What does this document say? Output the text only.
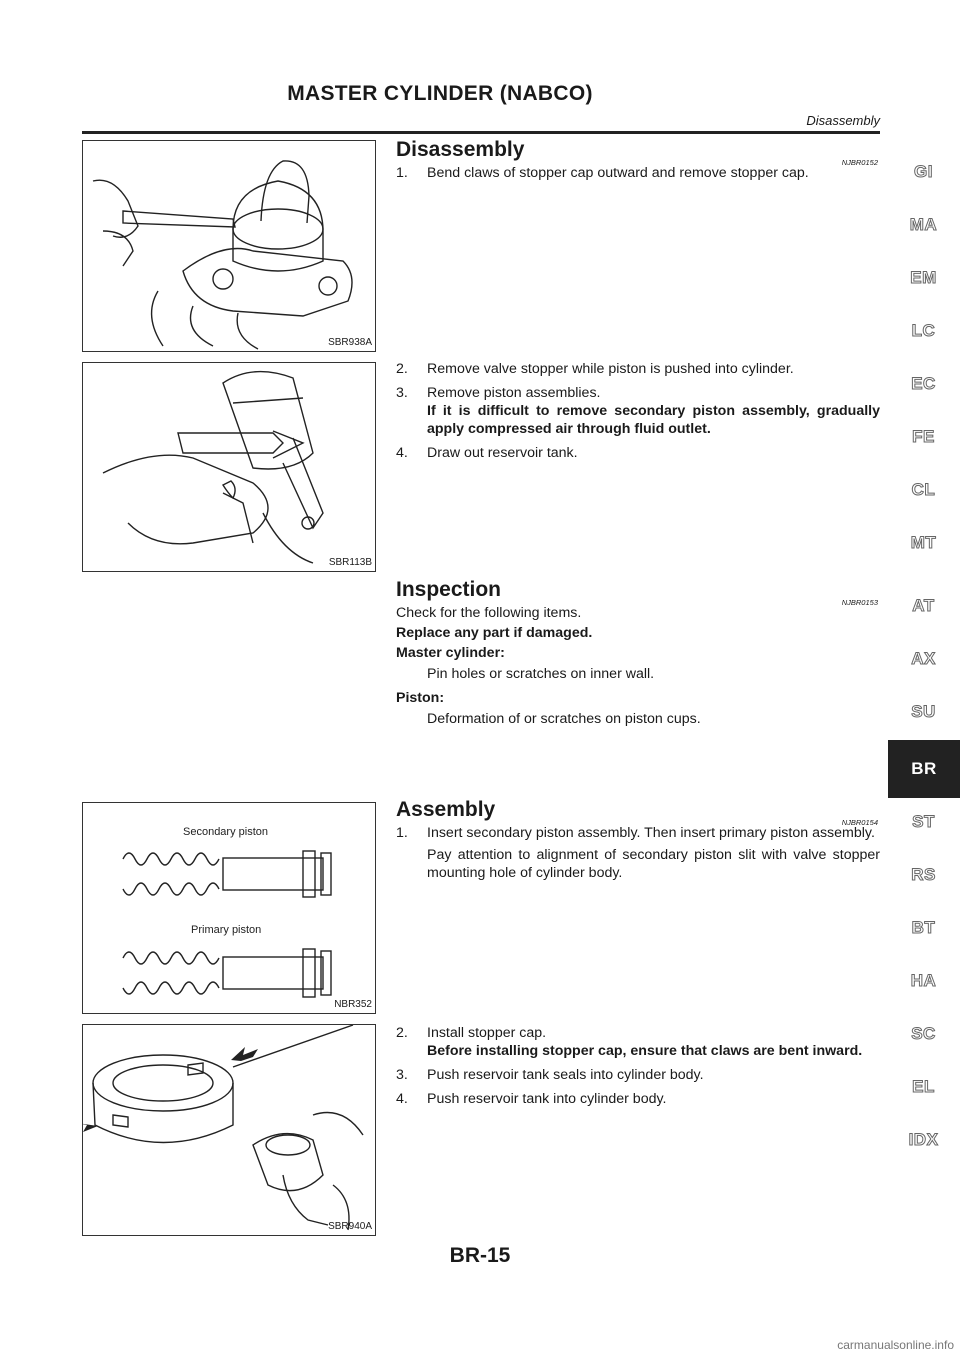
MASTER CYLINDER (NABCO)
Disassembly
SBR938A
SBR113B
Secondary piston
Primary piston
NBR352
SBR940A
Disassembly
NJBR0152
1. Bend claws of stopper cap outward and remove stopper cap.
2. Remove valve stopper while piston is pushed into cylinder.
3. Remove piston assemblies.
If it is difficult to remove secondary piston assembly, gradually apply compressed air through fluid outlet.
4. Draw out reservoir tank.
Inspection
NJBR0153
Check for the following items.
Replace any part if damaged.
Master cylinder:
Pin holes or scratches on inner wall.
Piston:
Deformation of or scratches on piston cups.
Assembly
NJBR0154
1. Insert secondary piston assembly. Then insert primary piston assembly.
Pay attention to alignment of secondary piston slit with valve stopper mounting hole of cylinder body.
2. Install stopper cap.
Before installing stopper cap, ensure that claws are bent inward.
3. Push reservoir tank seals into cylinder body.
4. Push reservoir tank into cylinder body.
GI
MA
EM
LC
EC
FE
CL
MT
AT
AX
SU
BR
ST
RS
BT
HA
SC
EL
IDX
BR-15
carmanualsonline.info
